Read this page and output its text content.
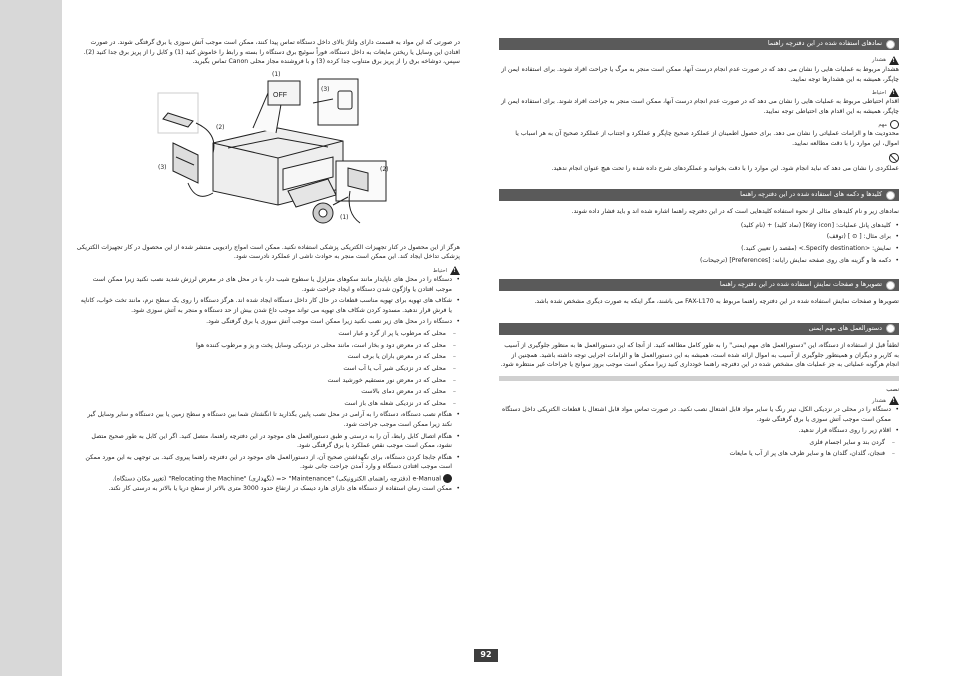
در صورتی که این مواد به قسمت دارای ولتاژ بالای داخل دستگاه تماس پیدا کنند، ممکن است موجب آتش سوزی یا برق گرفتگی شوند. در صورت افتادن این وسایل یا ریختن مایعات به داخل دستگاه، فوراً سوئیچ برق دستگاه را بسته و رابط را خاموش کنید (1) و کابل را از پریز برق جدا کنید (2). سپس، دوشاخه برق را از پریز برق متناوب جدا کرده (3) و با فروشنده مجاز محلی Canon تماس بگیرید.

OFF
(1)
(2)
(3)
(3)
(2)
(1)

هرگز از این محصول در کنار تجهیزات الکتریکی پزشکی استفاده نکنید. ممکن است امواج رادیویی منتشر شده از این محصول در کار تجهیزات الکتریکی پزشکی تداخل ایجاد کند. این ممکن است منجر به حوادث ناشی از عملکرد نادرست شود.

!
احتیاط
• دستگاه را در محل های ناپایدار مانند سکوهای متزلزل یا سطوح شیب دار، یا در محل های در معرض لرزش شدید نصب نکنید زیرا ممکن است موجب افتادن یا واژگون شدن دستگاه و ایجاد جراحت شود.
• شکاف های تهویه برای تهویه مناسب قطعات در حال کار داخل دستگاه ایجاد شده اند. هرگز دستگاه را روی یک سطح نرم، مانند تخت خواب، کاناپه یا فرش قرار ندهید. مسدود کردن شکاف های تهویه می تواند موجب داغ شدن بیش از حد دستگاه و منجر به آتش سوزی شود.
• دستگاه را در محل های زیر نصب نکنید زیرا ممکن است موجب آتش سوزی یا برق گرفتگی شود.
– محلی که مرطوب یا پر از گرد و غبار است
– محلی که در معرض دود و بخار است، مانند محلی در نزدیکی وسایل پخت و پز و مرطوب کننده هوا
– محلی که در معرض باران یا برف است
– محلی که در نزدیکی شیر آب یا آب است
– محلی که در معرض نور مستقیم خورشید است
– محلی که در معرض دمای بالاست
– محلی که در نزدیکی شعله های باز است
• هنگام نصب دستگاه، دستگاه را به آرامی در محل نصب پایین بگذارید تا انگشتان شما بین دستگاه و سطح زمین یا بین دستگاه و سایر وسایل گیر نکند زیرا ممکن است موجب جراحت شود.
• هنگام اتصال کابل رابط، آن را به درستی و طبق دستورالعمل های موجود در این دفترچه راهنما، متصل کنید. اگر این کابل به طور صحیح متصل نشود، ممکن است موجب نقص عملکرد یا برق گرفتگی شود.
• هنگام جابجا کردن دستگاه، برای نگهداشتن صحیح آن، از دستورالعمل های موجود در این دفترچه راهنما پیروی کنید. بی توجهی به این مورد ممکن است موجب افتادن دستگاه و وارد آمدن جراحت جانی شود.
e-Manual (دفترچه راهنمای الکترونیکی) "Maintenance" <= (نگهداری) "Relocating the Machine" (تغییر مکان دستگاه).
• ممکن است زمان استفاده از دستگاه های دارای هارد دیسک در ارتفاع حدود 3000 متری بالاتر از سطح دریا یا بالاتر به درستی کار نکند.
نمادهای استفاده شده در این دفترچه راهنما
!
هشدار

هشدار مربوط به عملیات هایی را نشان می دهد که در صورت عدم انجام درست آنها، ممکن است منجر به مرگ یا جراحت افراد شوند. برای استفاده ایمن از چاپگر، همیشه به این هشدارها توجه نمایید.

!
احتیاط

اقدام احتیاطی مربوط به عملیات هایی را نشان می دهد که در صورت عدم انجام درست آنها، ممکن است منجر به جراحت افراد شوند. برای استفاده ایمن از چاپگر، همیشه به این اقدام های احتیاطی توجه نمایید.

مهم

محدودیت ها و الزامات عملیاتی را نشان می دهد. برای حصول اطمینان از عملکرد صحیح چاپگر و عملکرد و اجتناب از عملکرد صحیح آن به هر اسباب یا اموال، این موارد را با دقت مطالعه نمایید.

عملکردی را نشان می دهد که نباید انجام شود. این موارد را با دقت بخوانید و عملکردهای شرح داده شده را تحت هیچ عنوان انجام ندهید.

کلیدها و دکمه های استفاده شده در این دفترچه راهنما

نمادهای زیر و نام کلیدهای مثالی از نحوه استفاده کلیدهایی است که در این دفترچه راهنما اشاره شده اند و باید فشار داده شوند.

• کلیدهای پانل عملیات: [Key icon] (نماد کلید) + (نام کلید)
• برای مثال: [ ⊙ ] (توقف)
• نمایش: <Specify destination.> (مقصد را تعیین کنید.)
• دکمه ها و گزینه های روی صفحه نمایش رایانه: [Preferences] (ترجیحات)
تصویرها و صفحات نمایش استفاده شده در این دفترچه راهنما

تصویرها و صفحات نمایش استفاده شده در این دفترچه راهنما مربوط به FAX-L170 می باشند، مگر اینکه به صورت دیگری مشخص شده باشد.

دستورالعمل های مهم ایمنی

لطفاً قبل از استفاده از دستگاه، این "دستورالعمل های مهم ایمنی" را به طور کامل مطالعه کنید. از آنجا که این دستورالعمل ها به منظور جلوگیری از آسیب به کاربر و دیگران و همینطور جلوگیری از آسیب به اموال ارائه شده است، همیشه به این دستورالعمل ها و الزامات اجرایی توجه داشته باشید. همچنین از انجام هرگونه عملیاتی به جز عملیات های مشخص شده در این دفترچه راهنما خودداری کنید زیرا ممکن است موجب بروز سوانح یا جراحات غیر منتظره شود.

نصب
!
هشدار
• دستگاه را در محلی در نزدیکی الکل، تینر رنگ یا سایر مواد قابل اشتعال نصب نکنید. در صورت تماس مواد قابل اشتعال با قطعات الکتریکی داخل دستگاه ممکن است موجب آتش سوزی یا برق گرفتگی شود.
• اقلام زیر را روی دستگاه قرار ندهید.
– گردن بند و سایر اجسام فلزی
– فنجان، گلدان، گلدان ها و سایر ظرف های پر از آب یا مایعات
92
